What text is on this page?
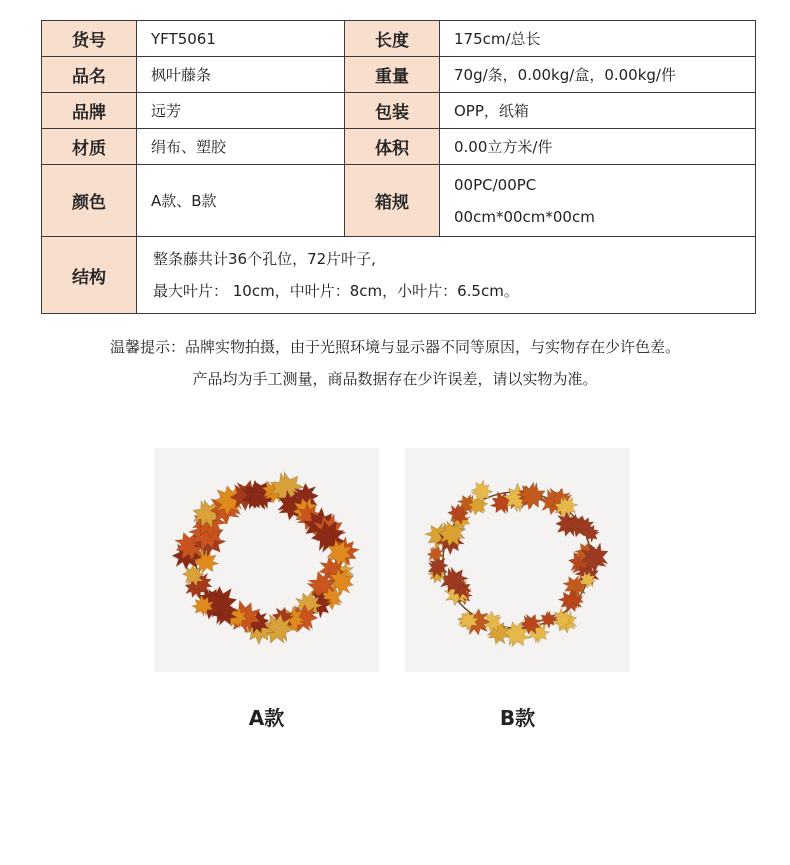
货号	YFT5061	长度	175cm/总长
品名	枫叶藤条	重量	70g/条，0.00kg/盒，0.00kg/件
品牌	远芳	包装	OPP，纸箱
材质	绢布、塑胶	体积	0.00立方米/件
颜色	A款、B款	箱规	00PC/00PC
00cm*00cm*00cm

结构	整条藤共计36个孔位，72片叶子,
最大叶片： 10cm，中叶片：8cm，小叶片：6.5cm。		
温馨提示：品牌实物拍摄，由于光照环境与显示器不同等原因，与实物存在少许色差。
产品均为手工测量，商品数据存在少许误差，请以实物为准。
A款	B款
